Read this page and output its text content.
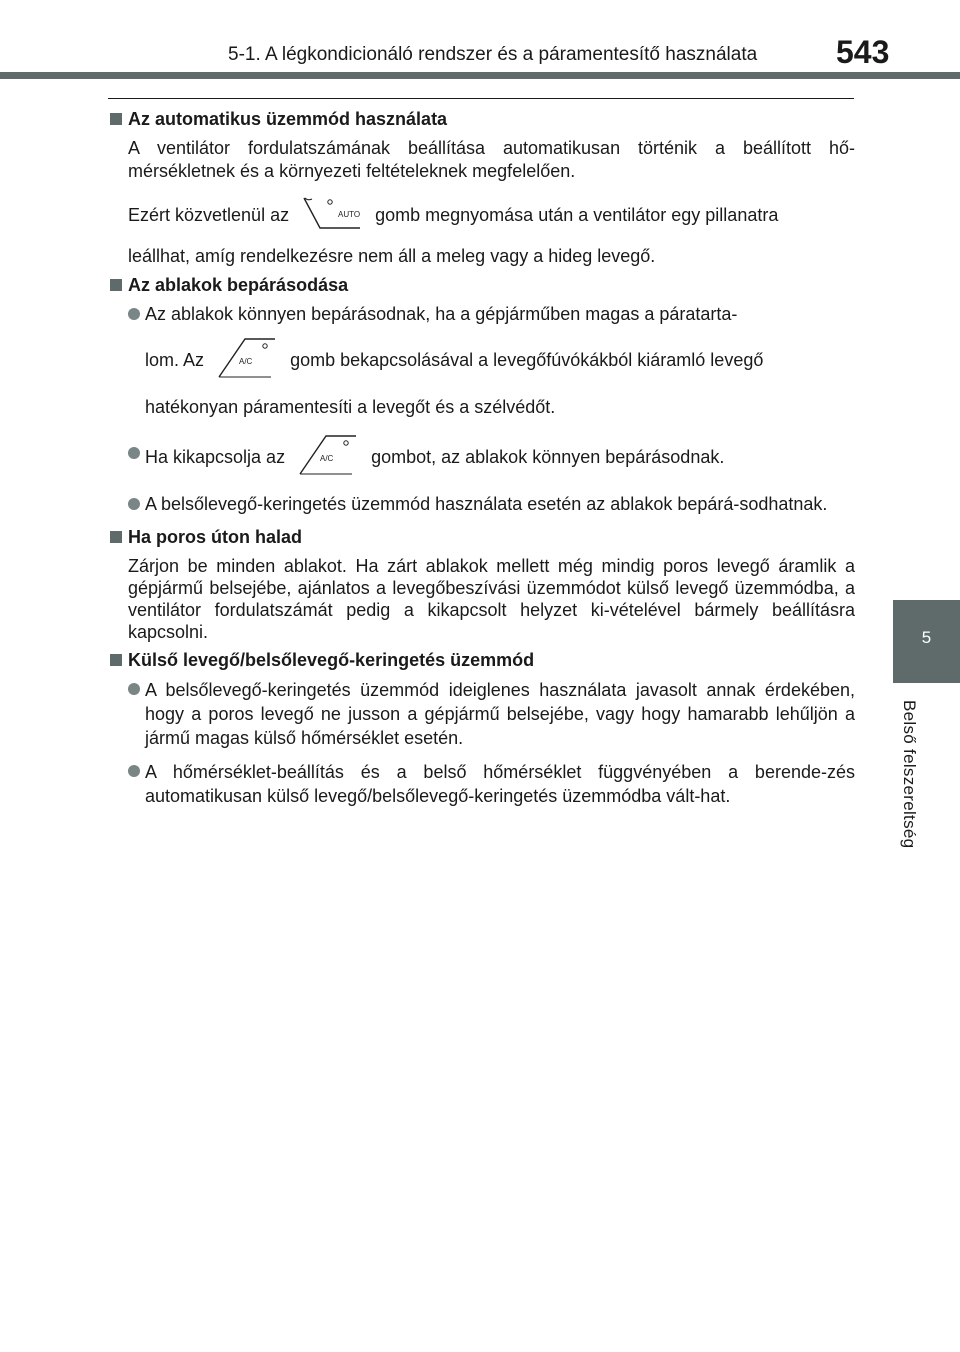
5-1. A légkondicionáló rendszer és a páramentesítő használata 543
5
Belső felszereltség
Az automatikus üzemmód használata
A ventilátor fordulatszámának beállítása automatikusan történik a beállított hő-mérsékletnek és a környezeti feltételeknek megfelelően.
Ezért közvetlenül az	AUTO gomb megnyomása után a ventilátor egy pillanatra
leállhat, amíg rendelkezésre nem áll a meleg vagy a hideg levegő.
Az ablakok bepárásodása
Az ablakok könnyen bepárásodnak, ha a gépjárműben magas a páratarta-
lom. Az	A/C gomb bekapcsolásával a levegőfúvókákból kiáramló levegő
hatékonyan páramentesíti a levegőt és a szélvédőt.
Ha kikapcsolja az	A/C gombot, az ablakok könnyen bepárásodnak.
A belsőlevegő-keringetés üzemmód használata esetén az ablakok bepárá-sodhatnak.
Ha poros úton halad
Zárjon be minden ablakot. Ha zárt ablakok mellett még mindig poros levegő áramlik a gépjármű belsejébe, ajánlatos a levegőbeszívási üzemmódot külső levegő üzemmódba, a ventilátor fordulatszámát pedig a kikapcsolt helyzet ki-vételével bármely beállításra kapcsolni.
Külső levegő/belsőlevegő-keringetés üzemmód
A belsőlevegő-keringetés üzemmód ideiglenes használata javasolt annak érdekében, hogy a poros levegő ne jusson a gépjármű belsejébe, vagy hogy hamarabb lehűljön a jármű magas külső hőmérséklet esetén.
A hőmérséklet-beállítás és a belső hőmérséklet függvényében a berende-zés automatikusan külső levegő/belsőlevegő-keringetés üzemmódba vált-hat.
